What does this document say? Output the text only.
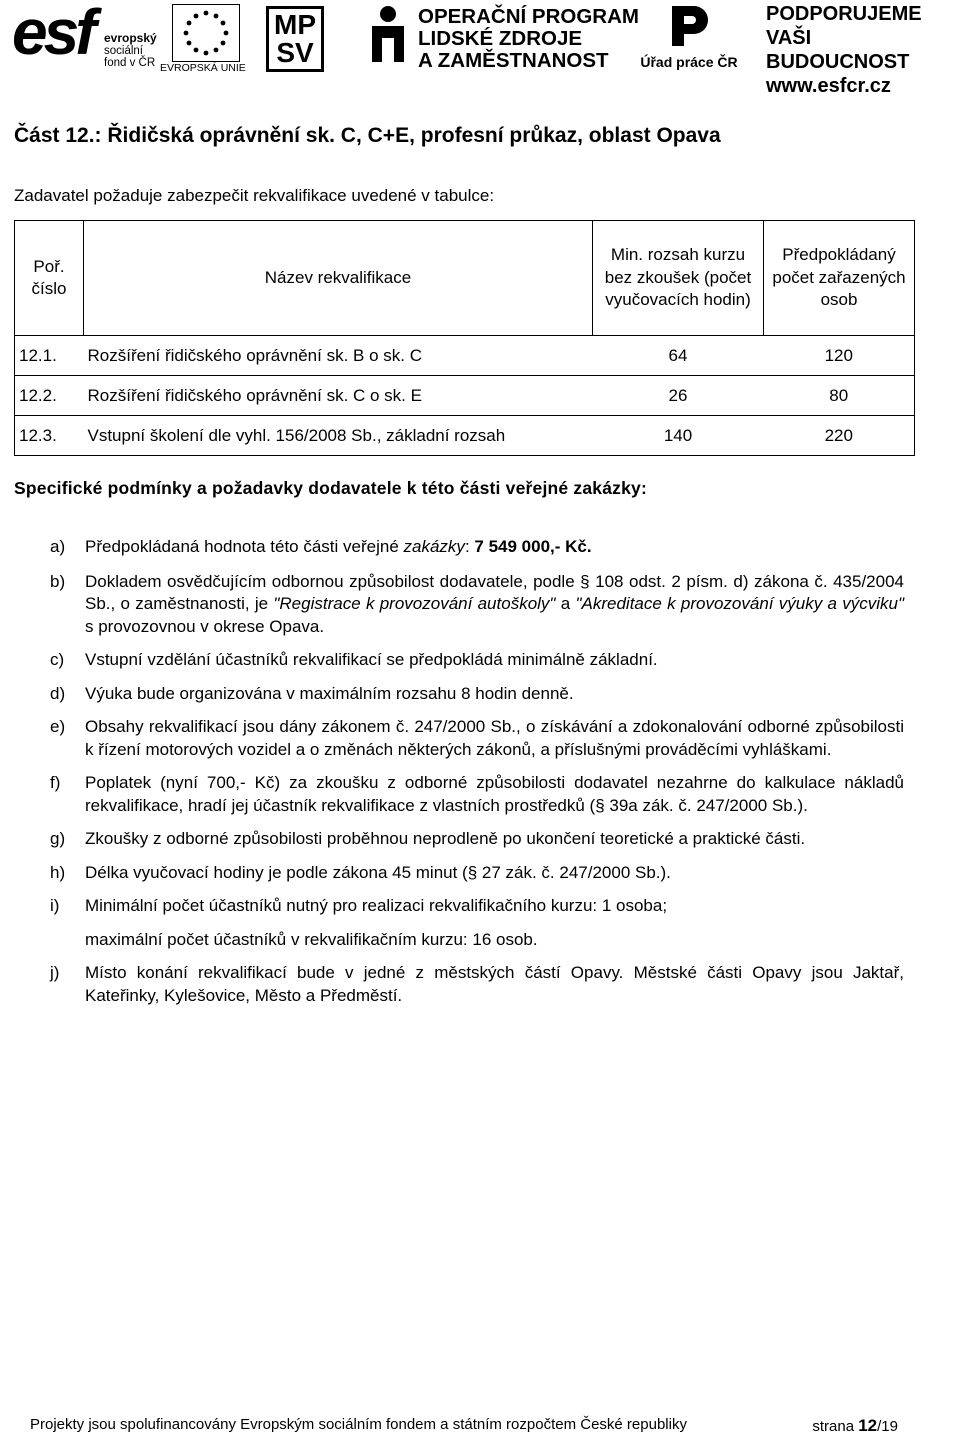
esf evropský
sociální
fond v ČR EVROPSKÁ UNIE
MP
SV
OPERAČNÍ PROGRAM
LIDSKÉ ZDROJE
A ZAMĚSTNANOST	Úřad práce ČR
PODPORUJEME
VAŠI BUDOUCNOST
www.esfcr.cz
Část 12.: Řidičská oprávnění sk. C, C+E, profesní průkaz, oblast Opava
Zadavatel požaduje zabezpečit rekvalifikace uvedené v tabulce:
Poř. číslo	Název rekvalifikace	Min. rozsah kurzu bez zkoušek (počet vyučovacích hodin)	Předpokládaný počet zařazených osob
12.1.	Rozšíření řidičského oprávnění sk. B o sk. C	64	120
12.2.	Rozšíření řidičského oprávnění sk. C o sk. E	26	80
12.3.	Vstupní školení dle vyhl. 156/2008 Sb., základní rozsah	140	220
Specifické podmínky a požadavky dodavatele k této části veřejné zakázky:
a) Předpokládaná hodnota této části veřejné zakázky: 7 549 000,- Kč.
b) Dokladem osvědčujícím odbornou způsobilost dodavatele, podle § 108 odst. 2 písm. d) zákona č. 435/2004 Sb., o zaměstnanosti, je "Registrace k provozování autoškoly" a "Akreditace k provozování výuky a výcviku" s provozovnou v okrese Opava.
c) Vstupní vzdělání účastníků rekvalifikací se předpokládá minimálně základní.
d) Výuka bude organizována v maximálním rozsahu 8 hodin denně.
e) Obsahy rekvalifikací jsou dány zákonem č. 247/2000 Sb., o získávání a zdokonalování odborné způsobilosti k řízení motorových vozidel a o změnách některých zákonů, a příslušnými prováděcími vyhláškami.
f) Poplatek (nyní 700,- Kč) za zkoušku z odborné způsobilosti dodavatel nezahrne do kalkulace nákladů rekvalifikace, hradí jej účastník rekvalifikace z vlastních prostředků (§ 39a zák. č. 247/2000 Sb.).
g) Zkoušky z odborné způsobilosti proběhnou neprodleně po ukončení teoretické a praktické části.
h) Délka vyučovací hodiny je podle zákona 45 minut (§ 27 zák. č. 247/2000 Sb.).
i) Minimální počet účastníků nutný pro realizaci rekvalifikačního kurzu: 1 osoba;
maximální počet účastníků v rekvalifikačním kurzu: 16 osob.
j) Místo konání rekvalifikací bude v jedné z městských částí Opavy. Městské části Opavy jsou Jaktař, Kateřinky, Kylešovice, Město a Předměstí.
Projekty jsou spolufinancovány Evropským sociálním fondem a státním rozpočtem České republiky	strana 12/19
